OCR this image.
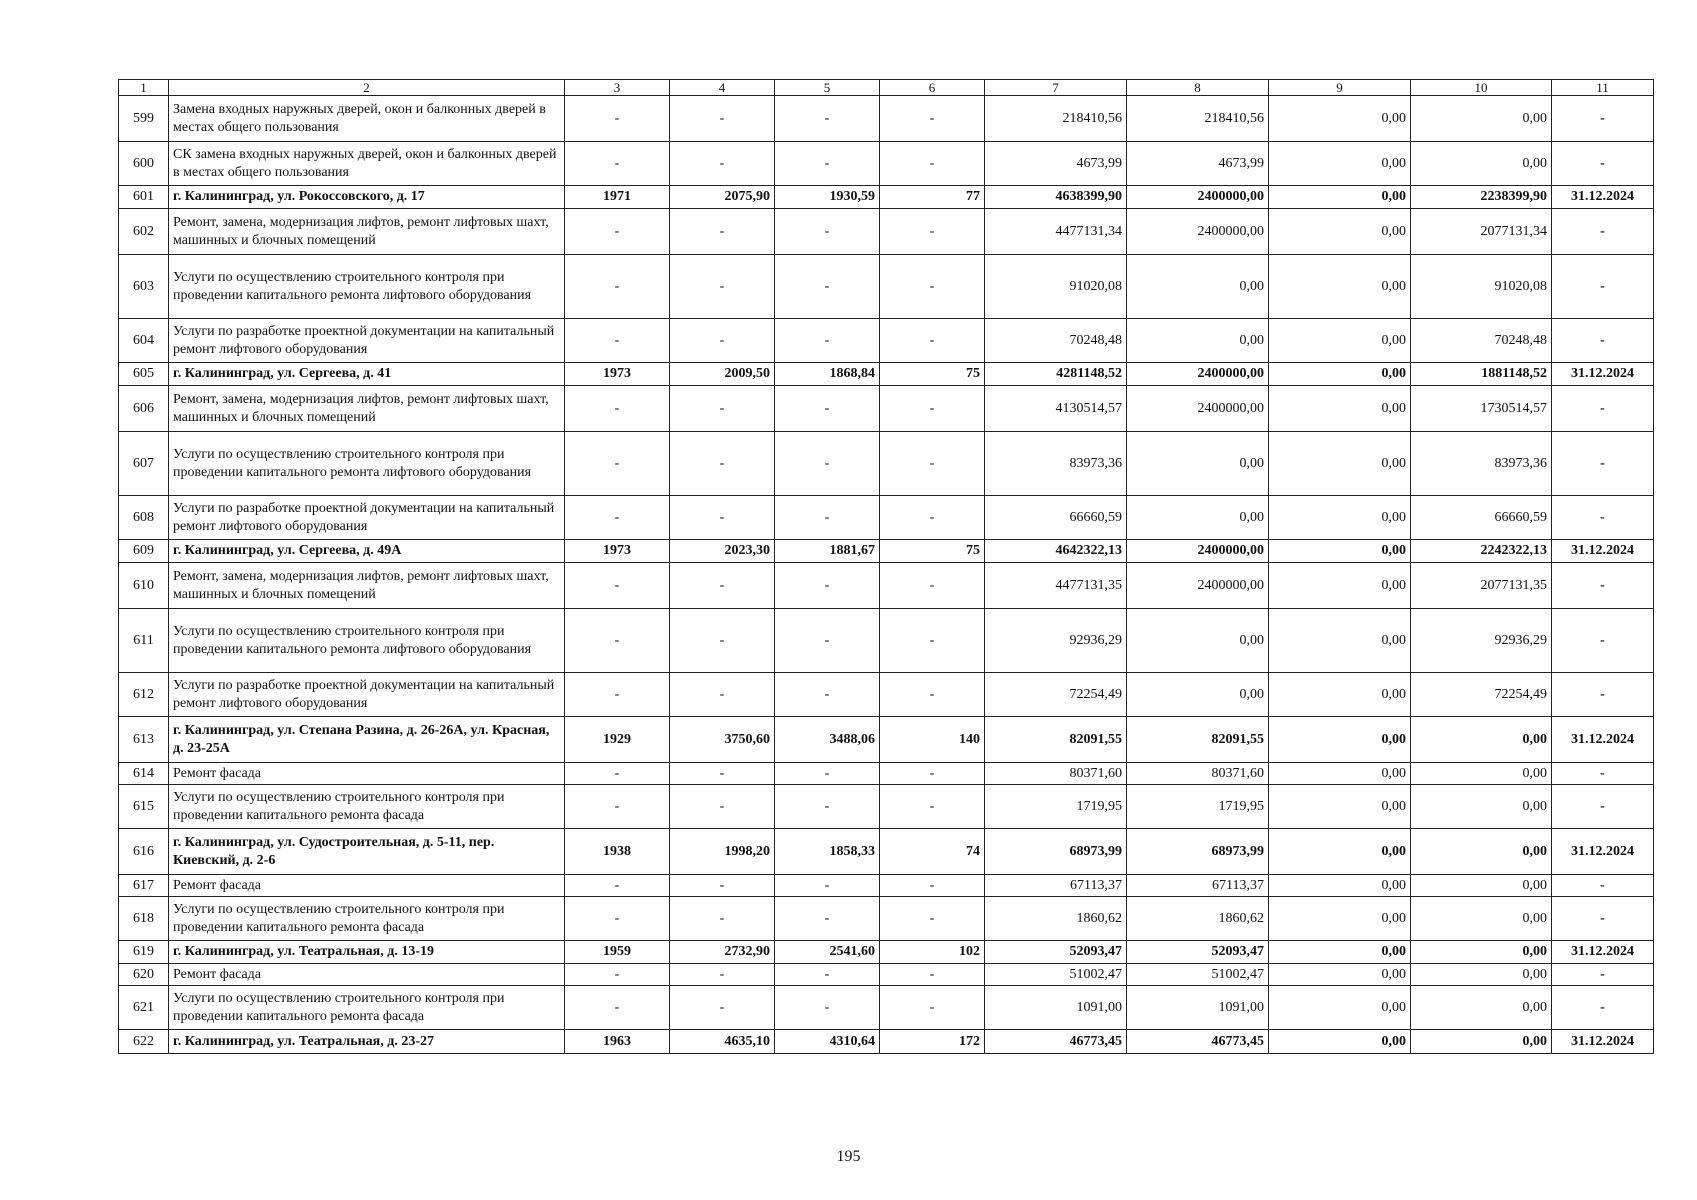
1	2	3	4	5	6	7	8	9	10	11
599	Замена входных наружных дверей, окон и балконных дверей в местах общего пользования	-	-	-	-	218410,56	218410,56	0,00	0,00	-
600	СК замена входных наружных дверей, окон и балконных дверей в местах общего пользования	-	-	-	-	4673,99	4673,99	0,00	0,00	-
601	г. Калининград, ул. Рокоссовского, д. 17	1971	2075,90	1930,59	77	4638399,90	2400000,00	0,00	2238399,90	31.12.2024
602	Ремонт, замена, модернизация лифтов, ремонт лифтовых шахт, машинных и блочных помещений	-	-	-	-	4477131,34	2400000,00	0,00	2077131,34	-
603	Услуги по осуществлению строительного контроля при проведении капитального ремонта лифтового оборудования	-	-	-	-	91020,08	0,00	0,00	91020,08	-
604	Услуги по разработке проектной документации на капитальный ремонт лифтового оборудования	-	-	-	-	70248,48	0,00	0,00	70248,48	-
605	г. Калининград, ул. Сергеева, д. 41	1973	2009,50	1868,84	75	4281148,52	2400000,00	0,00	1881148,52	31.12.2024
606	Ремонт, замена, модернизация лифтов, ремонт лифтовых шахт, машинных и блочных помещений	-	-	-	-	4130514,57	2400000,00	0,00	1730514,57	-
607	Услуги по осуществлению строительного контроля при проведении капитального ремонта лифтового оборудования	-	-	-	-	83973,36	0,00	0,00	83973,36	-
608	Услуги по разработке проектной документации на капитальный ремонт лифтового оборудования	-	-	-	-	66660,59	0,00	0,00	66660,59	-
609	г. Калининград, ул. Сергеева, д. 49А	1973	2023,30	1881,67	75	4642322,13	2400000,00	0,00	2242322,13	31.12.2024
610	Ремонт, замена, модернизация лифтов, ремонт лифтовых шахт, машинных и блочных помещений	-	-	-	-	4477131,35	2400000,00	0,00	2077131,35	-
611	Услуги по осуществлению строительного контроля при проведении капитального ремонта лифтового оборудования	-	-	-	-	92936,29	0,00	0,00	92936,29	-
612	Услуги по разработке проектной документации на капитальный ремонт лифтового оборудования	-	-	-	-	72254,49	0,00	0,00	72254,49	-
613	г. Калининград, ул. Степана Разина, д. 26-26А, ул. Красная, д. 23-25А	1929	3750,60	3488,06	140	82091,55	82091,55	0,00	0,00	31.12.2024
614	Ремонт фасада	-	-	-	-	80371,60	80371,60	0,00	0,00	-
615	Услуги по осуществлению строительного контроля при проведении капитального ремонта фасада	-	-	-	-	1719,95	1719,95	0,00	0,00	-
616	г. Калининград, ул. Судостроительная, д. 5-11, пер. Киевский, д. 2-6	1938	1998,20	1858,33	74	68973,99	68973,99	0,00	0,00	31.12.2024
617	Ремонт фасада	-	-	-	-	67113,37	67113,37	0,00	0,00	-
618	Услуги по осуществлению строительного контроля при проведении капитального ремонта фасада	-	-	-	-	1860,62	1860,62	0,00	0,00	-
619	г. Калининград, ул. Театральная, д. 13-19	1959	2732,90	2541,60	102	52093,47	52093,47	0,00	0,00	31.12.2024
620	Ремонт фасада	-	-	-	-	51002,47	51002,47	0,00	0,00	-
621	Услуги по осуществлению строительного контроля при проведении капитального ремонта фасада	-	-	-	-	1091,00	1091,00	0,00	0,00	-
622	г. Калининград, ул. Театральная, д. 23-27	1963	4635,10	4310,64	172	46773,45	46773,45	0,00	0,00	31.12.2024
195
